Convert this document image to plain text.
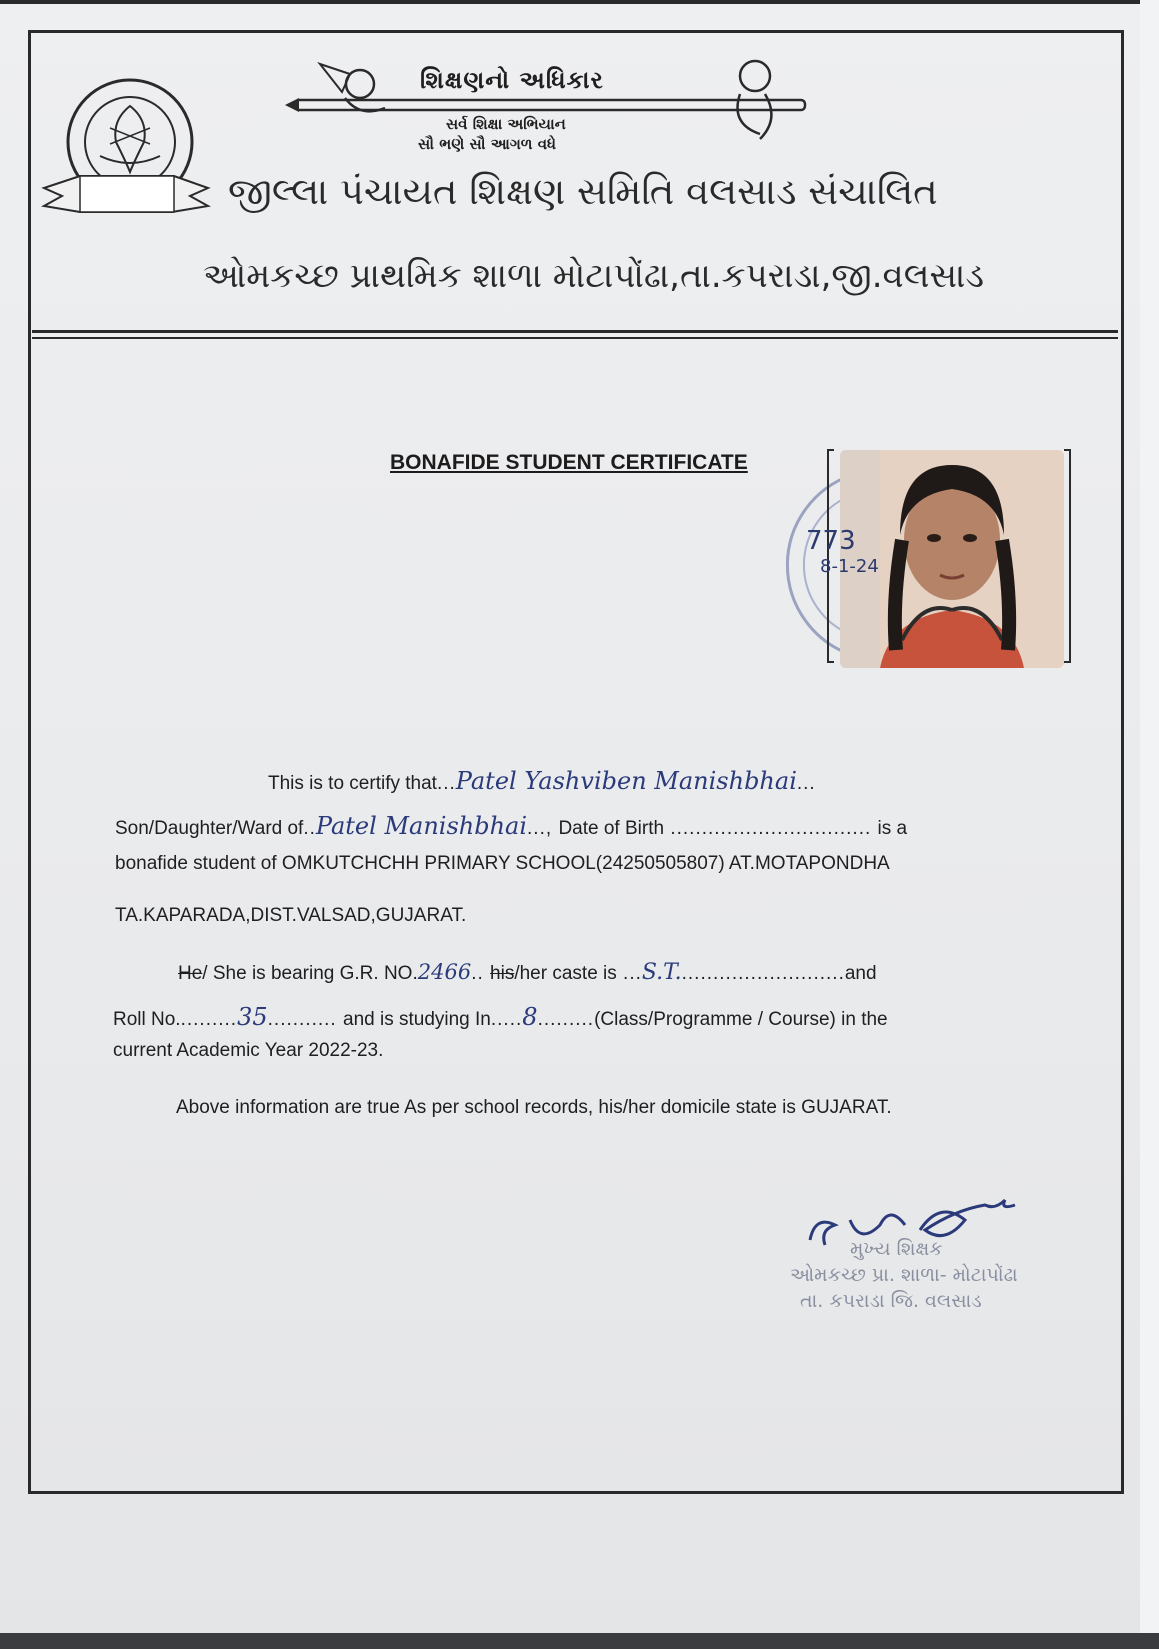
શિક્ષણનો અધિકાર
સર્વ શિક્ષા અભિયાન
સૌ ભણે સૌ આગળ વધે
જીલ્લા પંચાયત શિક્ષણ સમિતિ વલસાડ સંચાલિત
ઓમકચ્છ પ્રાથમિક શાળા મોટાપોંઢા,તા.કપરાડા,જી.વલસાડ
BONAFIDE STUDENT CERTIFICATE
773
8-1-24
This is to certify that...Patel Yashviben Manishbhai...
Son/Daughter/Ward of..Patel Manishbhai..., Date of Birth ................................ is a
bonafide student of OMKUTCHCHH PRIMARY SCHOOL(24250505807) AT.MOTAPONDHA
TA.KAPARADA,DIST.VALSAD,GUJARAT.
He/ She is bearing G.R. NO.2466.. his/her caste is ...S.T...........................and
Roll No..........35........... and is studying In.....8.........(Class/Programme / Course) in the
current Academic Year 2022-23.
Above information are true As per school records, his/her domicile state is GUJARAT.
મુખ્ય શિક્ષક
ઓમકચ્છ પ્રા. શાળા- મોટાપોંઢા
તા. કપરાડા જિ. વલસાડ
